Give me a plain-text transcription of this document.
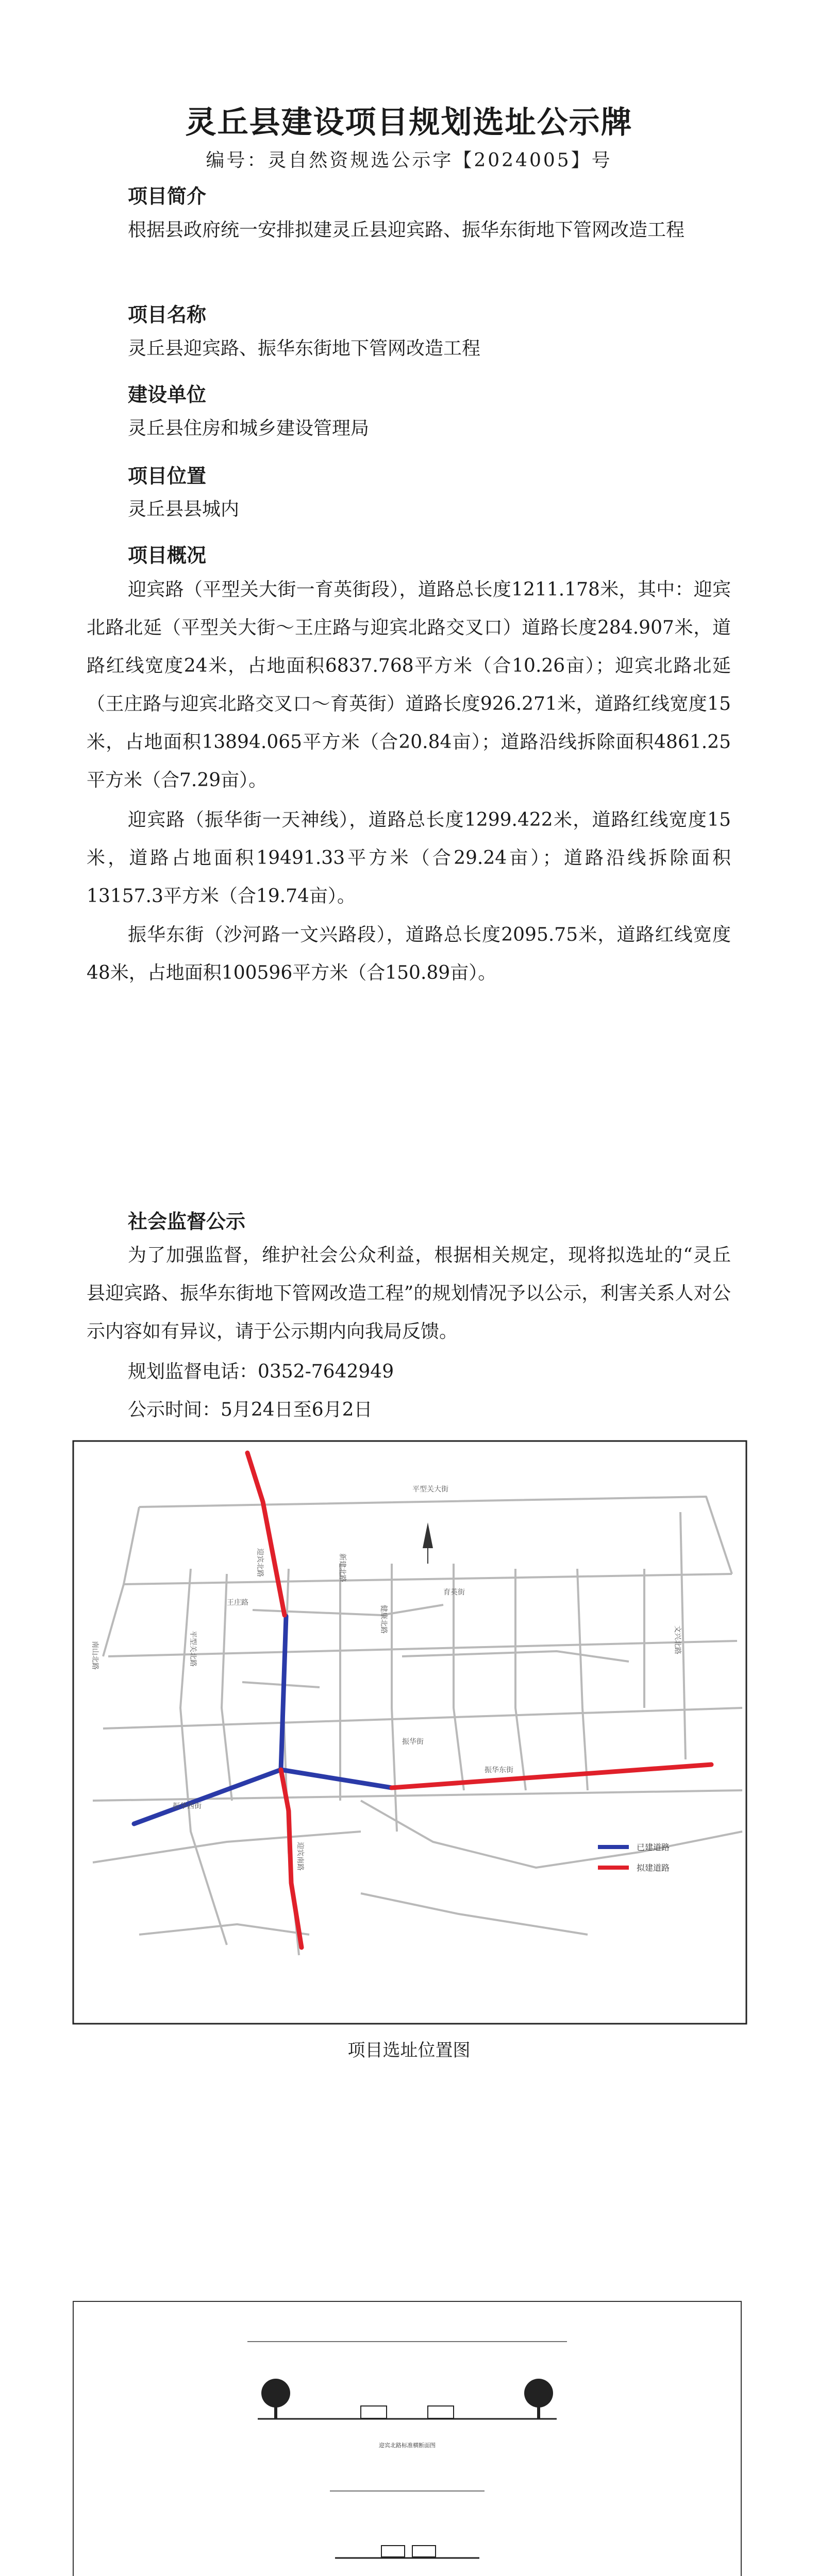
灵丘县建设项目规划选址公示牌
编号：灵自然资规选公示字【2024005】号
项目简介
根据县政府统一安排拟建灵丘县迎宾路、振华东街地下管网改造工程
项目名称
灵丘县迎宾路、振华东街地下管网改造工程
建设单位
灵丘县住房和城乡建设管理局
项目位置
灵丘县县城内
项目概况
迎宾路（平型关大街一育英街段），道路总长度1211.178米，其中：迎宾北路北延（平型关大街～王庄路与迎宾北路交叉口）道路长度284.907米，道路红线宽度24米，占地面积6837.768平方米（合10.26亩）；迎宾北路北延（王庄路与迎宾北路交叉口～育英街）道路长度926.271米，道路红线宽度15米，占地面积13894.065平方米（合20.84亩）；道路沿线拆除面积4861.25平方米（合7.29亩）。
迎宾路（振华街一天神线），道路总长度1299.422米，道路红线宽度15米，道路占地面积19491.33平方米（合29.24亩）；道路沿线拆除面积13157.3平方米（合19.74亩）。
振华东街（沙河路一文兴路段），道路总长度2095.75米，道路红线宽度48米，占地面积100596平方米（合150.89亩）。
社会监督公示
为了加强监督，维护社会公众利益，根据相关规定，现将拟选址的“灵丘县迎宾路、振华东街地下管网改造工程”的规划情况予以公示，利害关系人对公示内容如有异议，请于公示期内向我局反馈。
规划监督电话：0352-7642949
公示时间：5月24日至6月2日
平型关大街
迎宾北路	新建北路
育英街
王庄路
振华西街
振华街
振华东街
迎宾南路
文兴北路
南山北路	平型关北路
健康北路
已建道路
拟建道路
项目选址位置图
迎宾北路标准横断面图
